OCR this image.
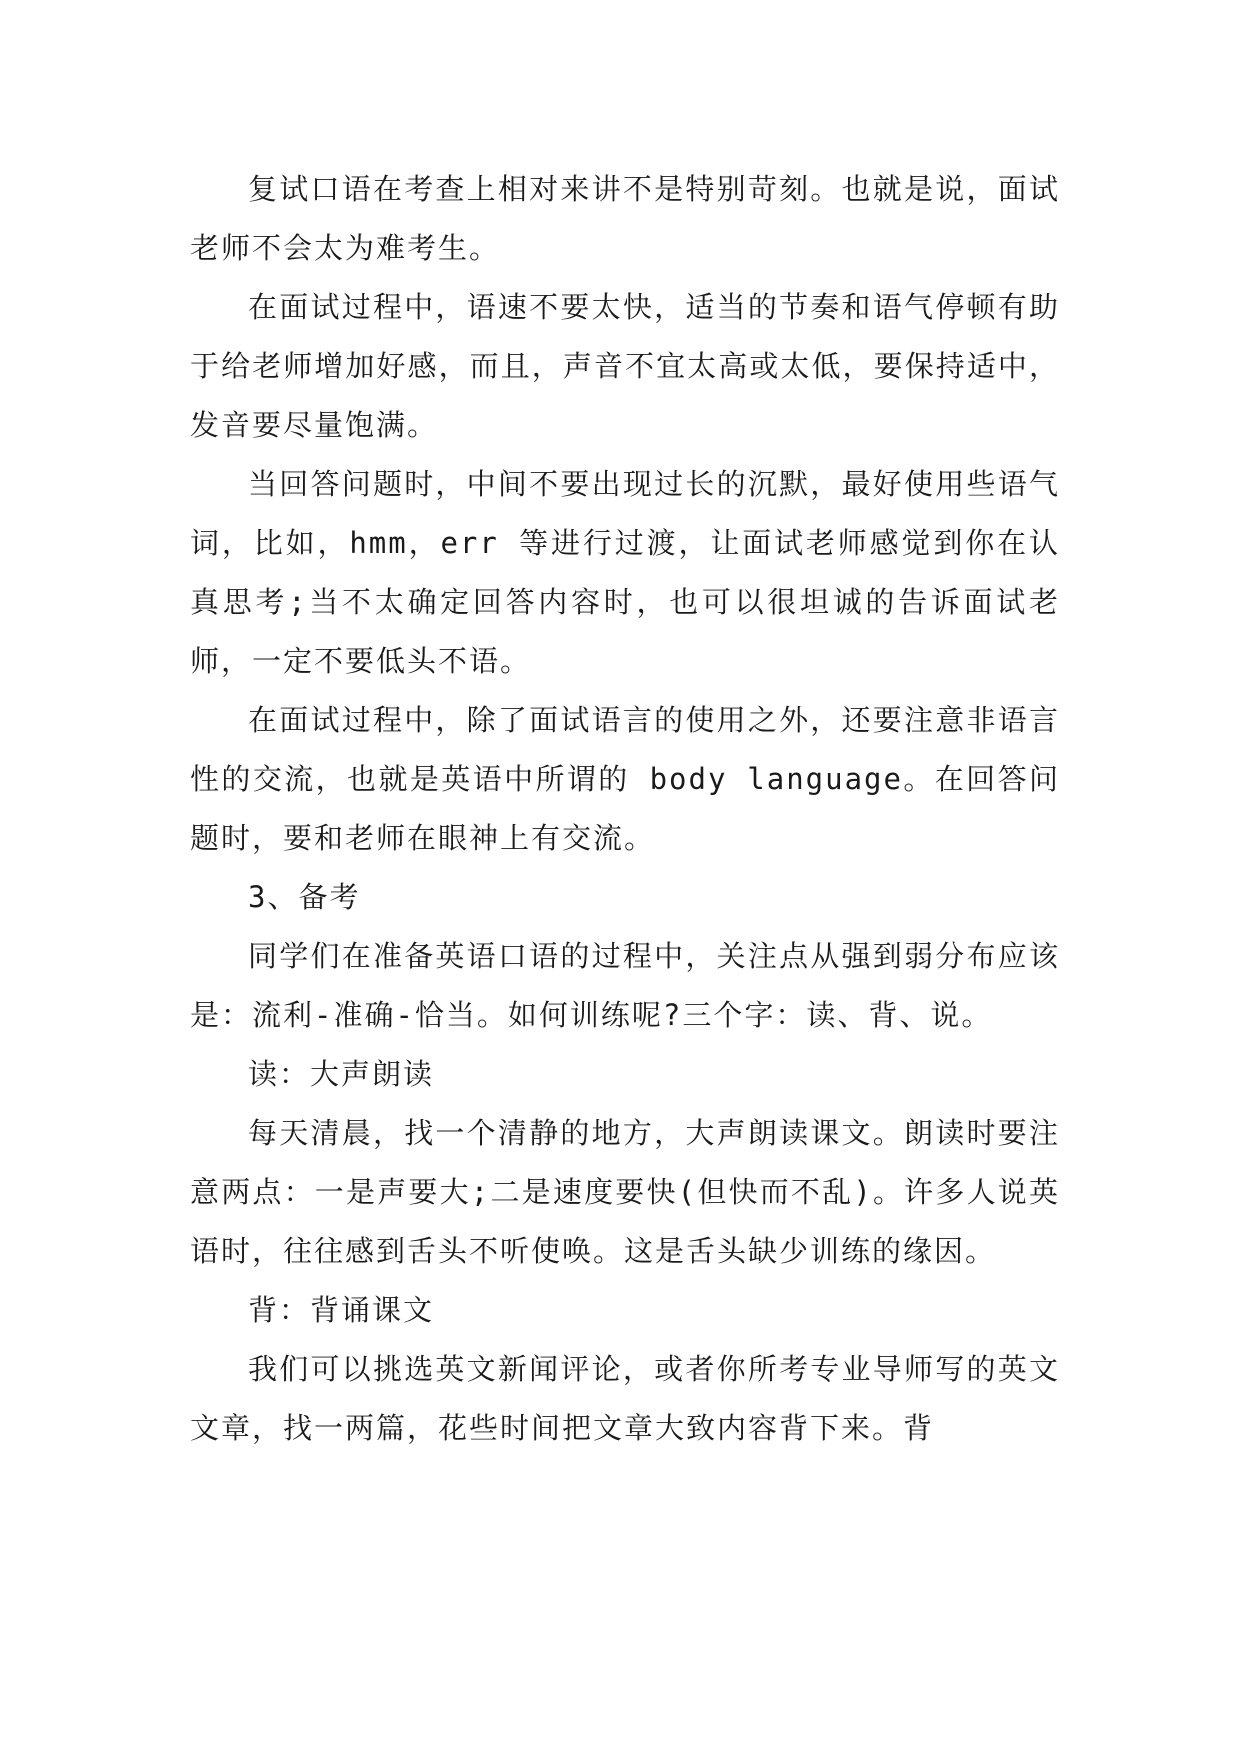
复试口语在考查上相对来讲不是特别苛刻。也就是说，面试老师不会太为难考生。

在面试过程中，语速不要太快，适当的节奏和语气停顿有助于给老师增加好感，而且，声音不宜太高或太低，要保持适中，发音要尽量饱满。

当回答问题时，中间不要出现过长的沉默，最好使用些语气词，比如，hmm，err 等进行过渡，让面试老师感觉到你在认真思考;当不太确定回答内容时，也可以很坦诚的告诉面试老师，一定不要低头不语。

在面试过程中，除了面试语言的使用之外，还要注意非语言性的交流，也就是英语中所谓的 body language。在回答问题时，要和老师在眼神上有交流。

3、备考

同学们在准备英语口语的过程中，关注点从强到弱分布应该是：流利-准确-恰当。如何训练呢?三个字：读、背、说。

读：大声朗读

每天清晨，找一个清静的地方，大声朗读课文。朗读时要注意两点：一是声要大;二是速度要快(但快而不乱)。许多人说英语时，往往感到舌头不听使唤。这是舌头缺少训练的缘因。

背：背诵课文

我们可以挑选英文新闻评论，或者你所考专业导师写的英文文章，找一两篇，花些时间把文章大致内容背下来。背
